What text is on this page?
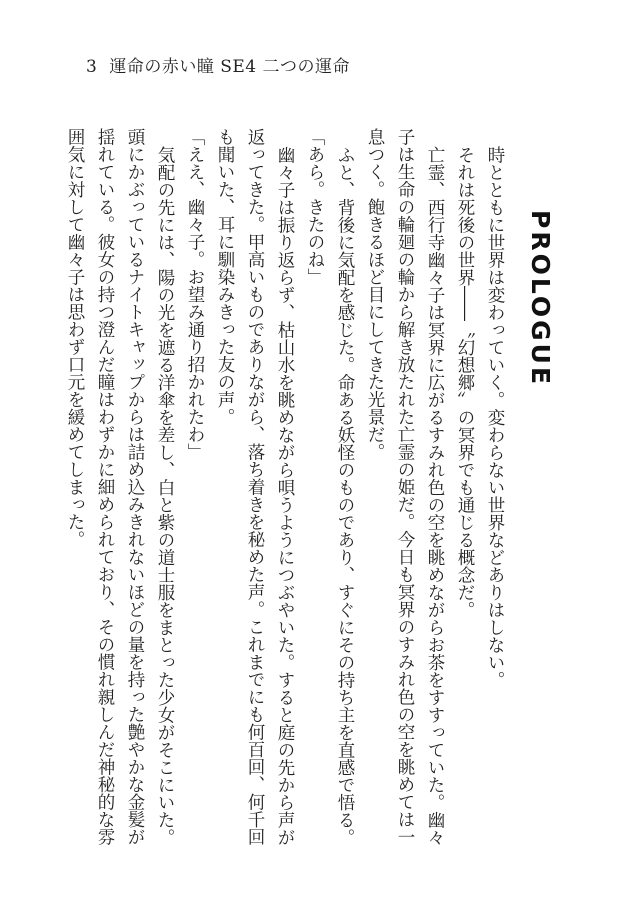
3 運命の赤い瞳 SE4 二つの運命
PROLOGUE

時とともに世界は変わっていく。変わらない世界などありはしない。

それは死後の世界――〝幻想郷〟の冥界でも通じる概念だ。

亡霊、西行寺幽々子は冥界に広がるすみれ色の空を眺めながらお茶をすすっていた。幽々子は生命の輪廻の輪から解き放たれた亡霊の姫だ。今日も冥界のすみれ色の空を眺めては一息つく。飽きるほど目にしてきた光景だ。

ふと、背後に気配を感じた。命ある妖怪のものであり、すぐにその持ち主を直感で悟る。

「あら。きたのね」

幽々子は振り返らず、枯山水を眺めながら唄うようにつぶやいた。すると庭の先から声が返ってきた。甲高いものでありながら、落ち着きを秘めた声。これまでにも何百回、何千回も聞いた、耳に馴染みきった友の声。

「ええ、幽々子。お望み通り招かれたわ」

気配の先には、陽の光を遮る洋傘を差し、白と紫の道士服をまとった少女がそこにいた。頭にかぶっているナイトキャップからは詰め込みきれないほどの量を持った艶やかな金髪が揺れている。彼女の持つ澄んだ瞳はわずかに細められており、その慣れ親しんだ神秘的な雰囲気に対して幽々子は思わず口元を緩めてしまった。
